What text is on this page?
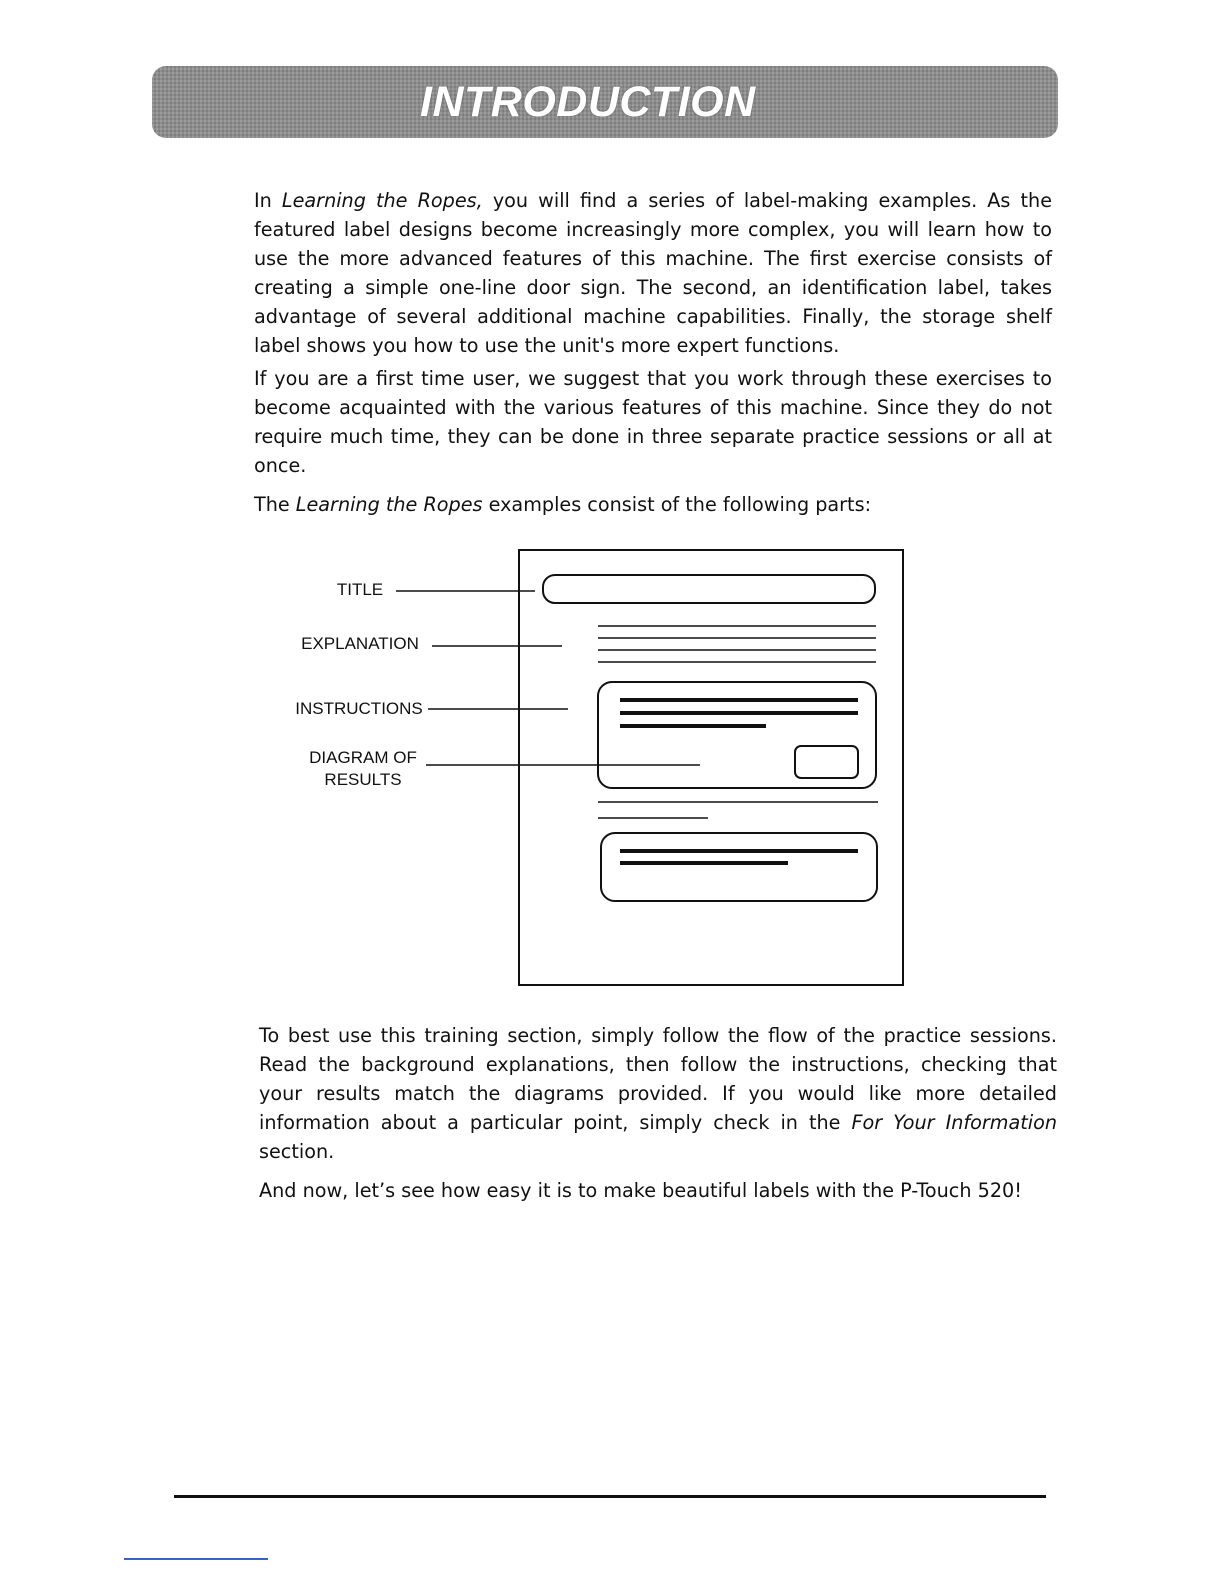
INTRODUCTION

In Learning the Ropes, you will find a series of label-making examples. As the featured label designs become increasingly more complex, you will learn how to use the more advanced features of this machine. The first exercise consists of creating a simple one-line door sign. The second, an identification label, takes advantage of several additional machine capabilities. Finally, the storage shelf label shows you how to use the unit's more expert functions.

If you are a first time user, we suggest that you work through these exercises to become acquainted with the various features of this machine. Since they do not require much time, they can be done in three separate practice sessions or all at once.

The Learning the Ropes examples consist of the following parts:

TITLE
EXPLANATION
INSTRUCTIONS
DIAGRAM OF
RESULTS

To best use this training section, simply follow the flow of the practice sessions. Read the background explanations, then follow the instructions, checking that your results match the diagrams provided. If you would like more detailed information about a particular point, simply check in the For Your Information section.

And now, let’s see how easy it is to make beautiful labels with the P-Touch 520!
